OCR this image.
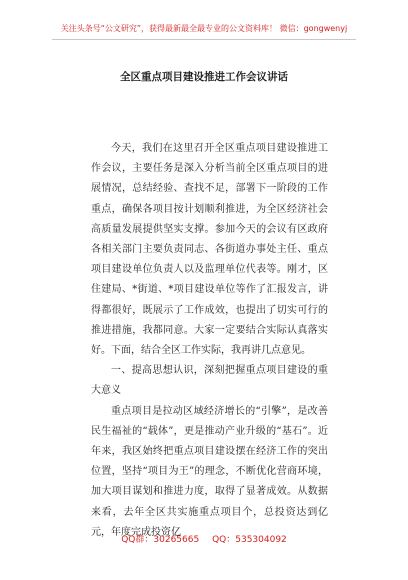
关注头条号“公文研究”，获得最新最全最专业的公文资料库！ 微信：gongwenyj
全区重点项目建设推进工作会议讲话

今天，我们在这里召开全区重点项目建设推进工作会议，主要任务是深入分析当前全区重点项目的进展情况，总结经验、查找不足，部署下一阶段的工作重点，确保各项目按计划顺利推进，为全区经济社会高质量发展提供坚实支撑。参加今天的会议有区政府各相关部门主要负责同志、各街道办事处主任、重点项目建设单位负责人以及监理单位代表等。刚才，区住建局、*街道、*项目建设单位等作了汇报发言，讲得都很好，既展示了工作成效，也提出了切实可行的推进措施，我都同意。大家一定要结合实际认真落实好。下面，结合全区工作实际，我再讲几点意见。

一、提高思想认识，深刻把握重点项目建设的重大意义

重点项目是拉动区域经济增长的“引擎”，是改善民生福祉的“载体”，更是推动产业升级的“基石”。近年来，我区始终把重点项目建设摆在经济工作的突出位置，坚持“项目为王”的理念，不断优化营商环境，加大项目谋划和推进力度，取得了显著成效。从数据来看，去年全区共实施重点项目个，总投资达到亿元，年度完成投资亿

QQ群：30265665 QQ：535304092
